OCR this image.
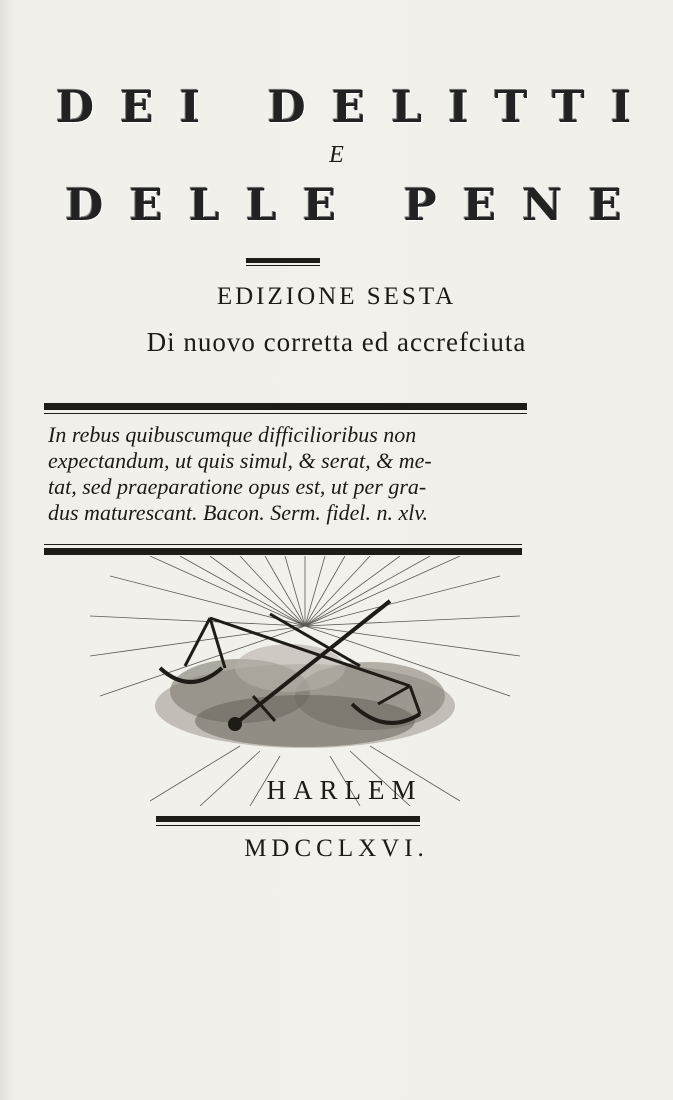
DEI DELITTI
E
DELLE PENE
EDIZIONE SESTA
Di nuovo corretta ed accrefciuta
In rebus quibuscumque difficilioribus non
expectandum, ut quis simul, & serat, & me-
tat, sed praeparatione opus est, ut per gra-
dus maturescant. Bacon. Serm. fidel. n. xlv.
HARLEM
MDCCLXVI.
